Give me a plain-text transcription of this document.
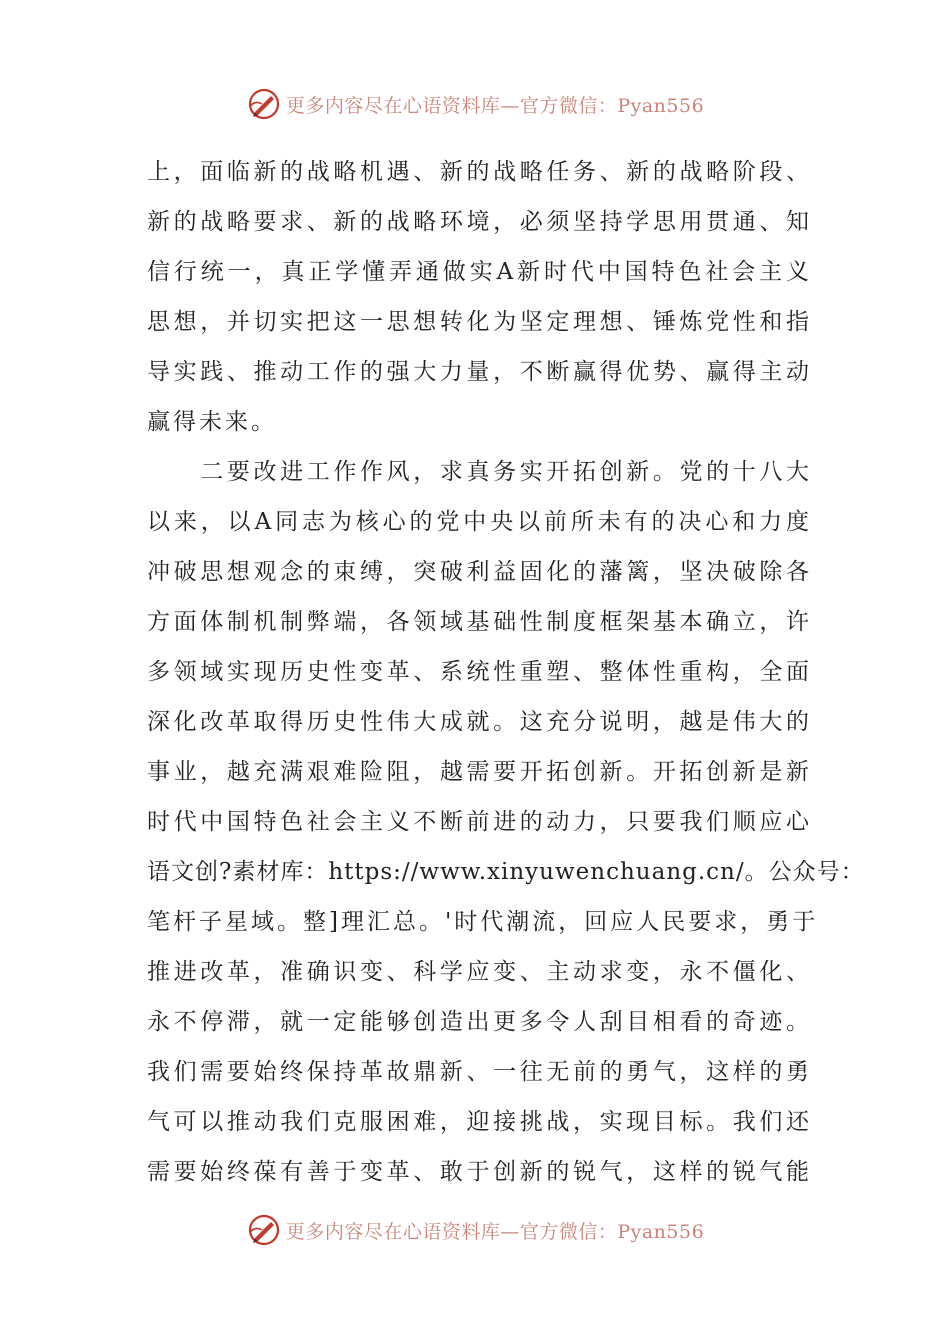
更多内容尽在心语资料库—官方微信：Pyan556
上，面临新的战略机遇、新的战略任务、新的战略阶段、
新的战略要求、新的战略环境，必须坚持学思用贯通、知
信行统一，真正学懂弄通做实A新时代中国特色社会主义
思想，并切实把这一思想转化为坚定理想、锤炼党性和指
导实践、推动工作的强大力量，不断赢得优势、赢得主动
赢得未来。
　　二要改进工作作风，求真务实开拓创新。党的十八大
以来，以A同志为核心的党中央以前所未有的决心和力度
冲破思想观念的束缚，突破利益固化的藩篱，坚决破除各
方面体制机制弊端，各领域基础性制度框架基本确立，许
多领域实现历史性变革、系统性重塑、整体性重构，全面
深化改革取得历史性伟大成就。这充分说明，越是伟大的
事业，越充满艰难险阻，越需要开拓创新。开拓创新是新
时代中国特色社会主义不断前进的动力，只要我们顺应心
语文创?素材库：https://www.xinyuwenchuang.cn/。公众号：
笔杆子星域。整]理汇总。'时代潮流，回应人民要求，勇于
推进改革，准确识变、科学应变、主动求变，永不僵化、
永不停滞，就一定能够创造出更多令人刮目相看的奇迹。
我们需要始终保持革故鼎新、一往无前的勇气，这样的勇
气可以推动我们克服困难，迎接挑战，实现目标。我们还
需要始终葆有善于变革、敢于创新的锐气，这样的锐气能
更多内容尽在心语资料库—官方微信：Pyan556
